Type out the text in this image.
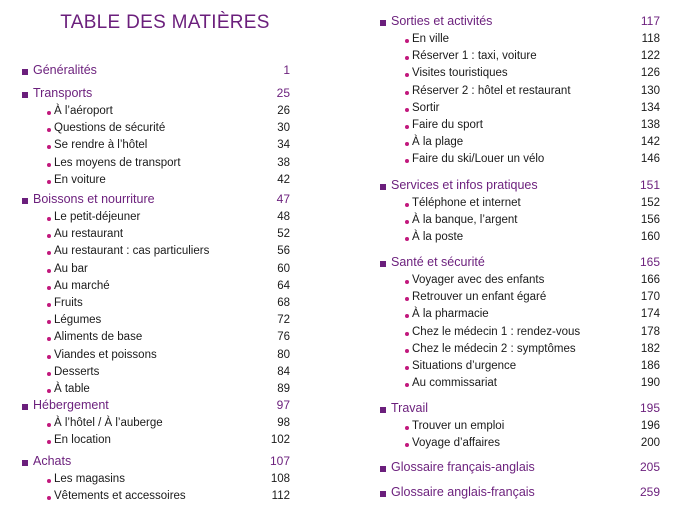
TABLE DES MATIÈRES
Généralités	1
Transports	25
À l’aéroport	26
Questions de sécurité	30
Se rendre à l’hôtel	34
Les moyens de transport	38
En voiture	42
Boissons et nourriture	47
Le petit-déjeuner	48
Au restaurant	52
Au restaurant : cas particuliers	56
Au bar	60
Au marché	64
Fruits	68
Légumes	72
Aliments de base	76
Viandes et poissons	80
Desserts	84
À table	89
Hébergement	97
À l’hôtel / À l’auberge	98
En location	102
Achats	107
Les magasins	108
Vêtements et accessoires	112
Sorties et activités	117
En ville	118
Réserver 1 : taxi, voiture	122
Visites touristiques	126
Réserver 2 : hôtel et restaurant	130
Sortir	134
Faire du sport	138
À la plage	142
Faire du ski/Louer un vélo	146
Services et infos pratiques	151
Téléphone et internet	152
À la banque, l’argent	156
À la poste	160
Santé et sécurité	165
Voyager avec des enfants	166
Retrouver un enfant égaré	170
À la pharmacie	174
Chez le médecin 1 : rendez-vous	178
Chez le médecin 2 : symptômes	182
Situations d’urgence	186
Au commissariat	190
Travail	195
Trouver un emploi	196
Voyage d’affaires	200
Glossaire français-anglais	205
Glossaire anglais-français	259
